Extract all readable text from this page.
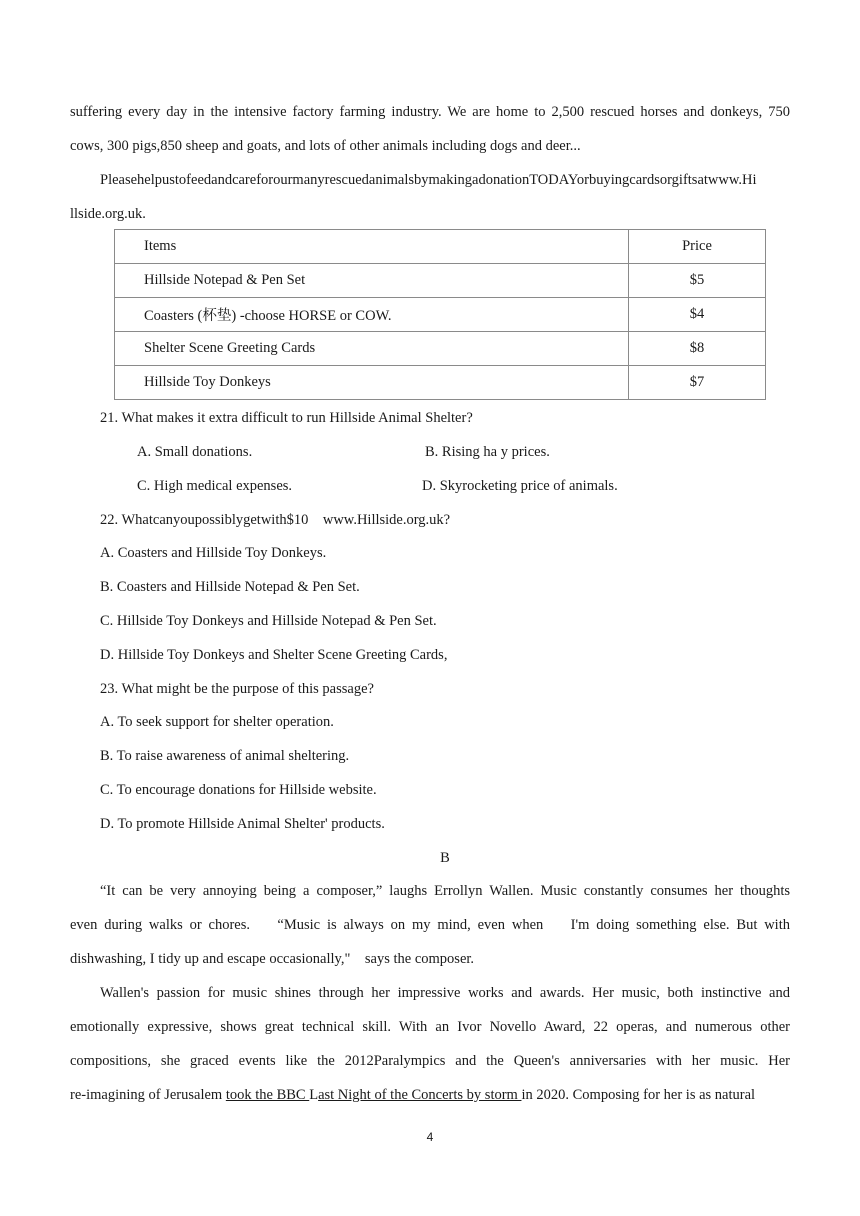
suffering every day in the intensive factory farming industry. We are home to 2,500 rescued horses and donkeys, 750
cows, 300 pigs,850 sheep and goats, and lots of other animals including dogs and deer...
PleasehelpustofeedandcareforourmanyrescuedanimalsbymakingadonationTODAYorbuyingcardsorgiftsatwww.Hi
llside.org.uk.
Items	Price
Hillside Notepad & Pen Set	$5
Coasters (杯垫) -choose HORSE or COW.	$4
Shelter Scene Greeting Cards	$8
Hillside Toy Donkeys	$7
21. What makes it extra difficult to run Hillside Animal Shelter?
A. Small donations.	B. Rising ha y prices.
C. High medical expenses.	D. Skyrocketing price of animals.
22. Whatcanyoupossiblygetwith$10    www.Hillside.org.uk?
A. Coasters and Hillside Toy Donkeys.
B. Coasters and Hillside Notepad & Pen Set.
C. Hillside Toy Donkeys and Hillside Notepad & Pen Set.
D. Hillside Toy Donkeys and Shelter Scene Greeting Cards,
23. What might be the purpose of this passage?
A. To seek support for shelter operation.
B. To raise awareness of animal sheltering.
C. To encourage donations for Hillside website.
D. To promote Hillside Animal Shelter' products.
B
“It can be very annoying being a composer,” laughs Errollyn Wallen. Music constantly consumes her thoughts
even during walks or chores.    “Music is always on my mind, even when    I'm doing something else. But with
dishwashing, I tidy up and escape occasionally,"    says the composer.
Wallen's passion for music shines through her impressive works and awards. Her music, both instinctive and
emotionally expressive, shows great technical skill. With an Ivor Novello Award, 22 operas, and numerous other
compositions, she graced events like the 2012Paralympics and the Queen's anniversaries with her music. Her
re-imagining of Jerusalem took the BBC Last Night of the Concerts by storm in 2020. Composing for her is as natural
4
